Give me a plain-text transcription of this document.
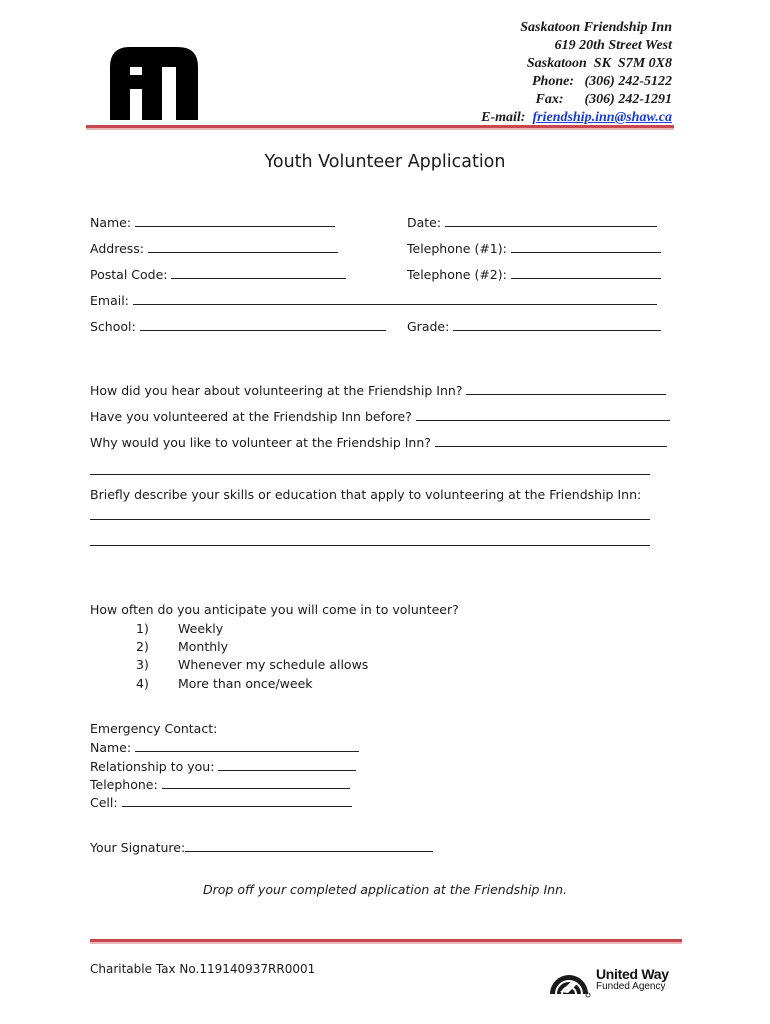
Saskatoon Friendship Inn
619 20th Street West
Saskatoon  SK  S7M 0X8
Phone: (306) 242-5122
Fax: (306) 242-1291
E-mail: friendship.inn@shaw.ca
Youth Volunteer Application
Name:	Date:
Address:	Telephone (#1):
Postal Code:	Telephone (#2):
Email:
School:	Grade:
How did you hear about volunteering at the Friendship Inn?
Have you volunteered at the Friendship Inn before?
Why would you like to volunteer at the Friendship Inn?
Briefly describe your skills or education that apply to volunteering at the Friendship Inn:
How often do you anticipate you will come in to volunteer?
1) Weekly
2) Monthly
3) Whenever my schedule allows
4) More than once/week
Emergency Contact:
Name:
Relationship to you:
Telephone:
Cell:
Your Signature:
Drop off your completed application at the Friendship Inn.
Charitable Tax No.119140937RR0001	United Way
Funded Agency
